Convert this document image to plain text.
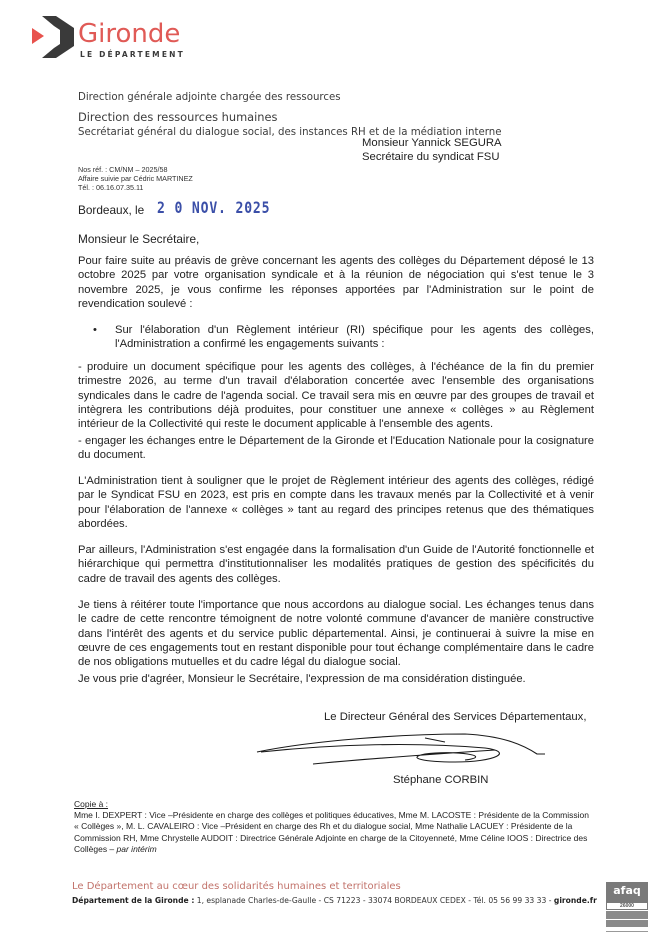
Gironde
LE DÉPARTEMENT
Direction générale adjointe chargée des ressources
Direction des ressources humaines
Secrétariat général du dialogue social, des instances RH et de la médiation interne
Monsieur Yannick SEGURA
Secrétaire du syndicat FSU
Nos réf. : CM/NM – 2025/58
Affaire suivie par Cédric MARTINEZ
Tél. : 06.16.07.35.11
Bordeaux, le 2 0 NOV. 2025
Monsieur le Secrétaire,
Pour faire suite au préavis de grève concernant les agents des collèges du Département déposé le 13 octobre 2025 par votre organisation syndicale et à la réunion de négociation qui s'est tenue le 3 novembre 2025, je vous confirme les réponses apportées par l'Administration sur le point de revendication soulevé :
• Sur l'élaboration d'un Règlement intérieur (RI) spécifique pour les agents des collèges, l'Administration a confirmé les engagements suivants :
- produire un document spécifique pour les agents des collèges, à l'échéance de la fin du premier trimestre 2026, au terme d'un travail d'élaboration concertée avec l'ensemble des organisations syndicales dans le cadre de l'agenda social. Ce travail sera mis en œuvre par des groupes de travail et intègrera les contributions déjà produites, pour constituer une annexe « collèges » au Règlement intérieur de la Collectivité qui reste le document applicable à l'ensemble des agents.
- engager les échanges entre le Département de la Gironde et l'Education Nationale pour la cosignature du document.
L'Administration tient à souligner que le projet de Règlement intérieur des agents des collèges, rédigé par le Syndicat FSU en 2023, est pris en compte dans les travaux menés par la Collectivité et à venir pour l'élaboration de l'annexe « collèges » tant au regard des principes retenus que des thématiques abordées.
Par ailleurs, l'Administration s'est engagée dans la formalisation d'un Guide de l'Autorité fonctionnelle et hiérarchique qui permettra d'institutionnaliser les modalités pratiques de gestion des spécificités du cadre de travail des agents des collèges.
Je tiens à réitérer toute l'importance que nous accordons au dialogue social. Les échanges tenus dans le cadre de cette rencontre témoignent de notre volonté commune d'avancer de manière constructive dans l'intérêt des agents et du service public départemental. Ainsi, je continuerai à suivre la mise en œuvre de ces engagements tout en restant disponible pour tout échange complémentaire dans le cadre de nos obligations mutuelles et du cadre légal du dialogue social.
Je vous prie d'agréer, Monsieur le Secrétaire, l'expression de ma considération distinguée.
Le Directeur Général des Services Départementaux,
Stéphane CORBIN
Copie à :
Mme I. DEXPERT : Vice –Présidente en charge des collèges et politiques éducatives, Mme M. LACOSTE : Présidente de la Commission « Collèges », M. L. CAVALEIRO : Vice –Président en charge des Rh et du dialogue social, Mme Nathalie LACUEY : Présidente de la Commission RH, Mme Chrystelle AUDOIT : Directrice Générale Adjointe en charge de la Citoyenneté, Mme Céline IOOS : Directrice des Collèges – par intérim
Le Département au cœur des solidarités humaines et territoriales
Département de la Gironde : 1, esplanade Charles-de-Gaulle - CS 71223 - 33074 BORDEAUX CEDEX - Tél. 05 56 99 33 33 - gironde.fr
afaq
26000
